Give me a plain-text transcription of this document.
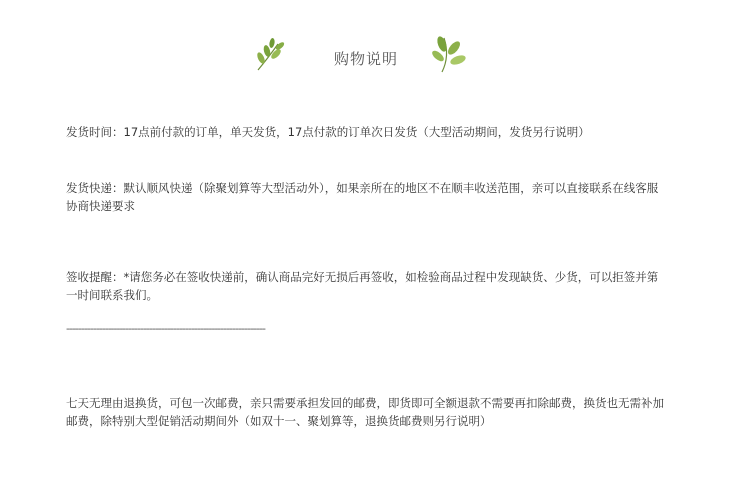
购物说明
发货时间：17点前付款的订单，单天发货，17点付款的订单次日发货（大型活动期间，发货另行说明）
发货快递：默认顺风快递（除聚划算等大型活动外），如果亲所在的地区不在顺丰收送范围，亲可以直接联系在线客服协商快递要求
签收提醒：*请您务必在签收快递前，确认商品完好无损后再签收，如检验商品过程中发现缺货、少货，可以拒签并第一时间联系我们。
-------------------------------------------------------------------
七天无理由退换货，可包一次邮费，亲只需要承担发回的邮费，即货即可全额退款不需要再扣除邮费，换货也无需补加邮费，除特别大型促销活动期间外（如双十一、聚划算等，退换货邮费则另行说明）
